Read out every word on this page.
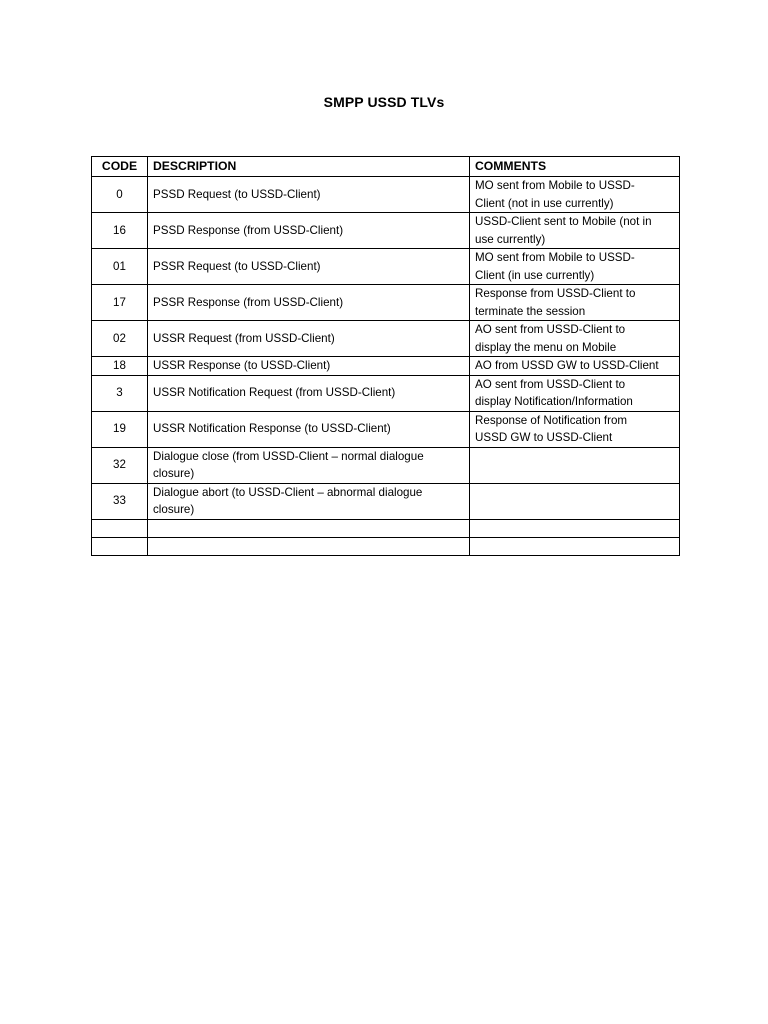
SMPP USSD TLVs
CODE	DESCRIPTION	COMMENTS
0	PSSD Request (to USSD-Client)	MO sent from Mobile to USSD-
Client (not in use currently)
16	PSSD Response (from USSD-Client)	USSD-Client sent to Mobile (not in
use currently)
01	PSSR Request (to USSD-Client)	MO sent from Mobile to USSD-
Client (in use currently)
17	PSSR Response (from USSD-Client)	Response from USSD-Client to
terminate the session
02	USSR Request (from USSD-Client)	AO sent from USSD-Client to
display the menu on Mobile
18	USSR Response (to USSD-Client)	AO from USSD GW to USSD-Client
3	USSR Notification Request (from USSD-Client)	AO sent from USSD-Client to
display Notification/Information
19	USSR Notification Response (to USSD-Client)	Response of Notification from
USSD GW to USSD-Client
32	Dialogue close (from USSD-Client – normal dialogue
closure)	
33	Dialogue abort (to USSD-Client – abnormal dialogue
closure)	
